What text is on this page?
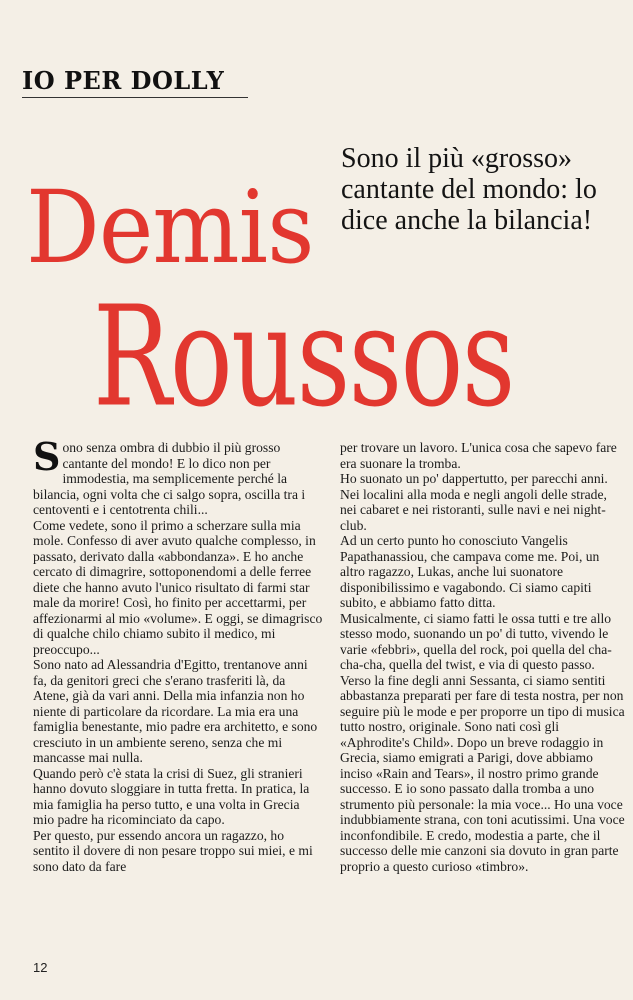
IO PER DOLLY
Sono il più «grosso» cantante del mondo: lo dice anche la bilancia!
Demis
Roussos

Sono senza ombra di dubbio il più grosso cantante del mondo! E lo dico non per immodestia, ma semplicemente perché la bilancia, ogni volta che ci salgo sopra, oscilla tra i centoventi e i centotrenta chili...

Come vedete, sono il primo a scherzare sulla mia mole. Confesso di aver avuto qualche complesso, in passato, derivato dalla «abbondanza». E ho anche cercato di dimagrire, sottoponendomi a delle ferree diete che hanno avuto l'unico risultato di farmi star male da morire! Così, ho finito per accettarmi, per affezionarmi al mio «volume». E oggi, se dimagrisco di qualche chilo chiamo subito il medico, mi preoccupo...

Sono nato ad Alessandria d'Egitto, trentanove anni fa, da genitori greci che s'erano trasferiti là, da Atene, già da vari anni. Della mia infanzia non ho niente di particolare da ricordare. La mia era una famiglia benestante, mio padre era architetto, e sono cresciuto in un ambiente sereno, senza che mi mancasse mai nulla.

Quando però c'è stata la crisi di Suez, gli stranieri hanno dovuto sloggiare in tutta fretta. In pratica, la mia famiglia ha perso tutto, e una volta in Grecia mio padre ha ricominciato da capo.

Per questo, pur essendo ancora un ragazzo, ho sentito il dovere di non pesare troppo sui miei, e mi sono dato da fare

per trovare un lavoro. L'unica cosa che sapevo fare era suonare la tromba.

Ho suonato un po' dappertutto, per parecchi anni. Nei localini alla moda e negli angoli delle strade, nei cabaret e nei ristoranti, sulle navi e nei night-club.

Ad un certo punto ho conosciuto Vangelis Papathanassiou, che campava come me. Poi, un altro ragazzo, Lukas, anche lui suonatore disponibilissimo e vagabondo. Ci siamo capiti subito, e abbiamo fatto ditta.

Musicalmente, ci siamo fatti le ossa tutti e tre allo stesso modo, suonando un po' di tutto, vivendo le varie «febbri», quella del rock, poi quella del cha-cha-cha, quella del twist, e via di questo passo.

Verso la fine degli anni Sessanta, ci siamo sentiti abbastanza preparati per fare di testa nostra, per non seguire più le mode e per proporre un tipo di musica tutto nostro, originale. Sono nati così gli «Aphrodite's Child». Dopo un breve rodaggio in Grecia, siamo emigrati a Parigi, dove abbiamo inciso «Rain and Tears», il nostro primo grande successo. E io sono passato dalla tromba a uno strumento più personale: la mia voce... Ho una voce indubbiamente strana, con toni acutissimi. Una voce inconfondibile. E credo, modestia a parte, che il successo delle mie canzoni sia dovuto in gran parte proprio a questo curioso «timbro».

12
